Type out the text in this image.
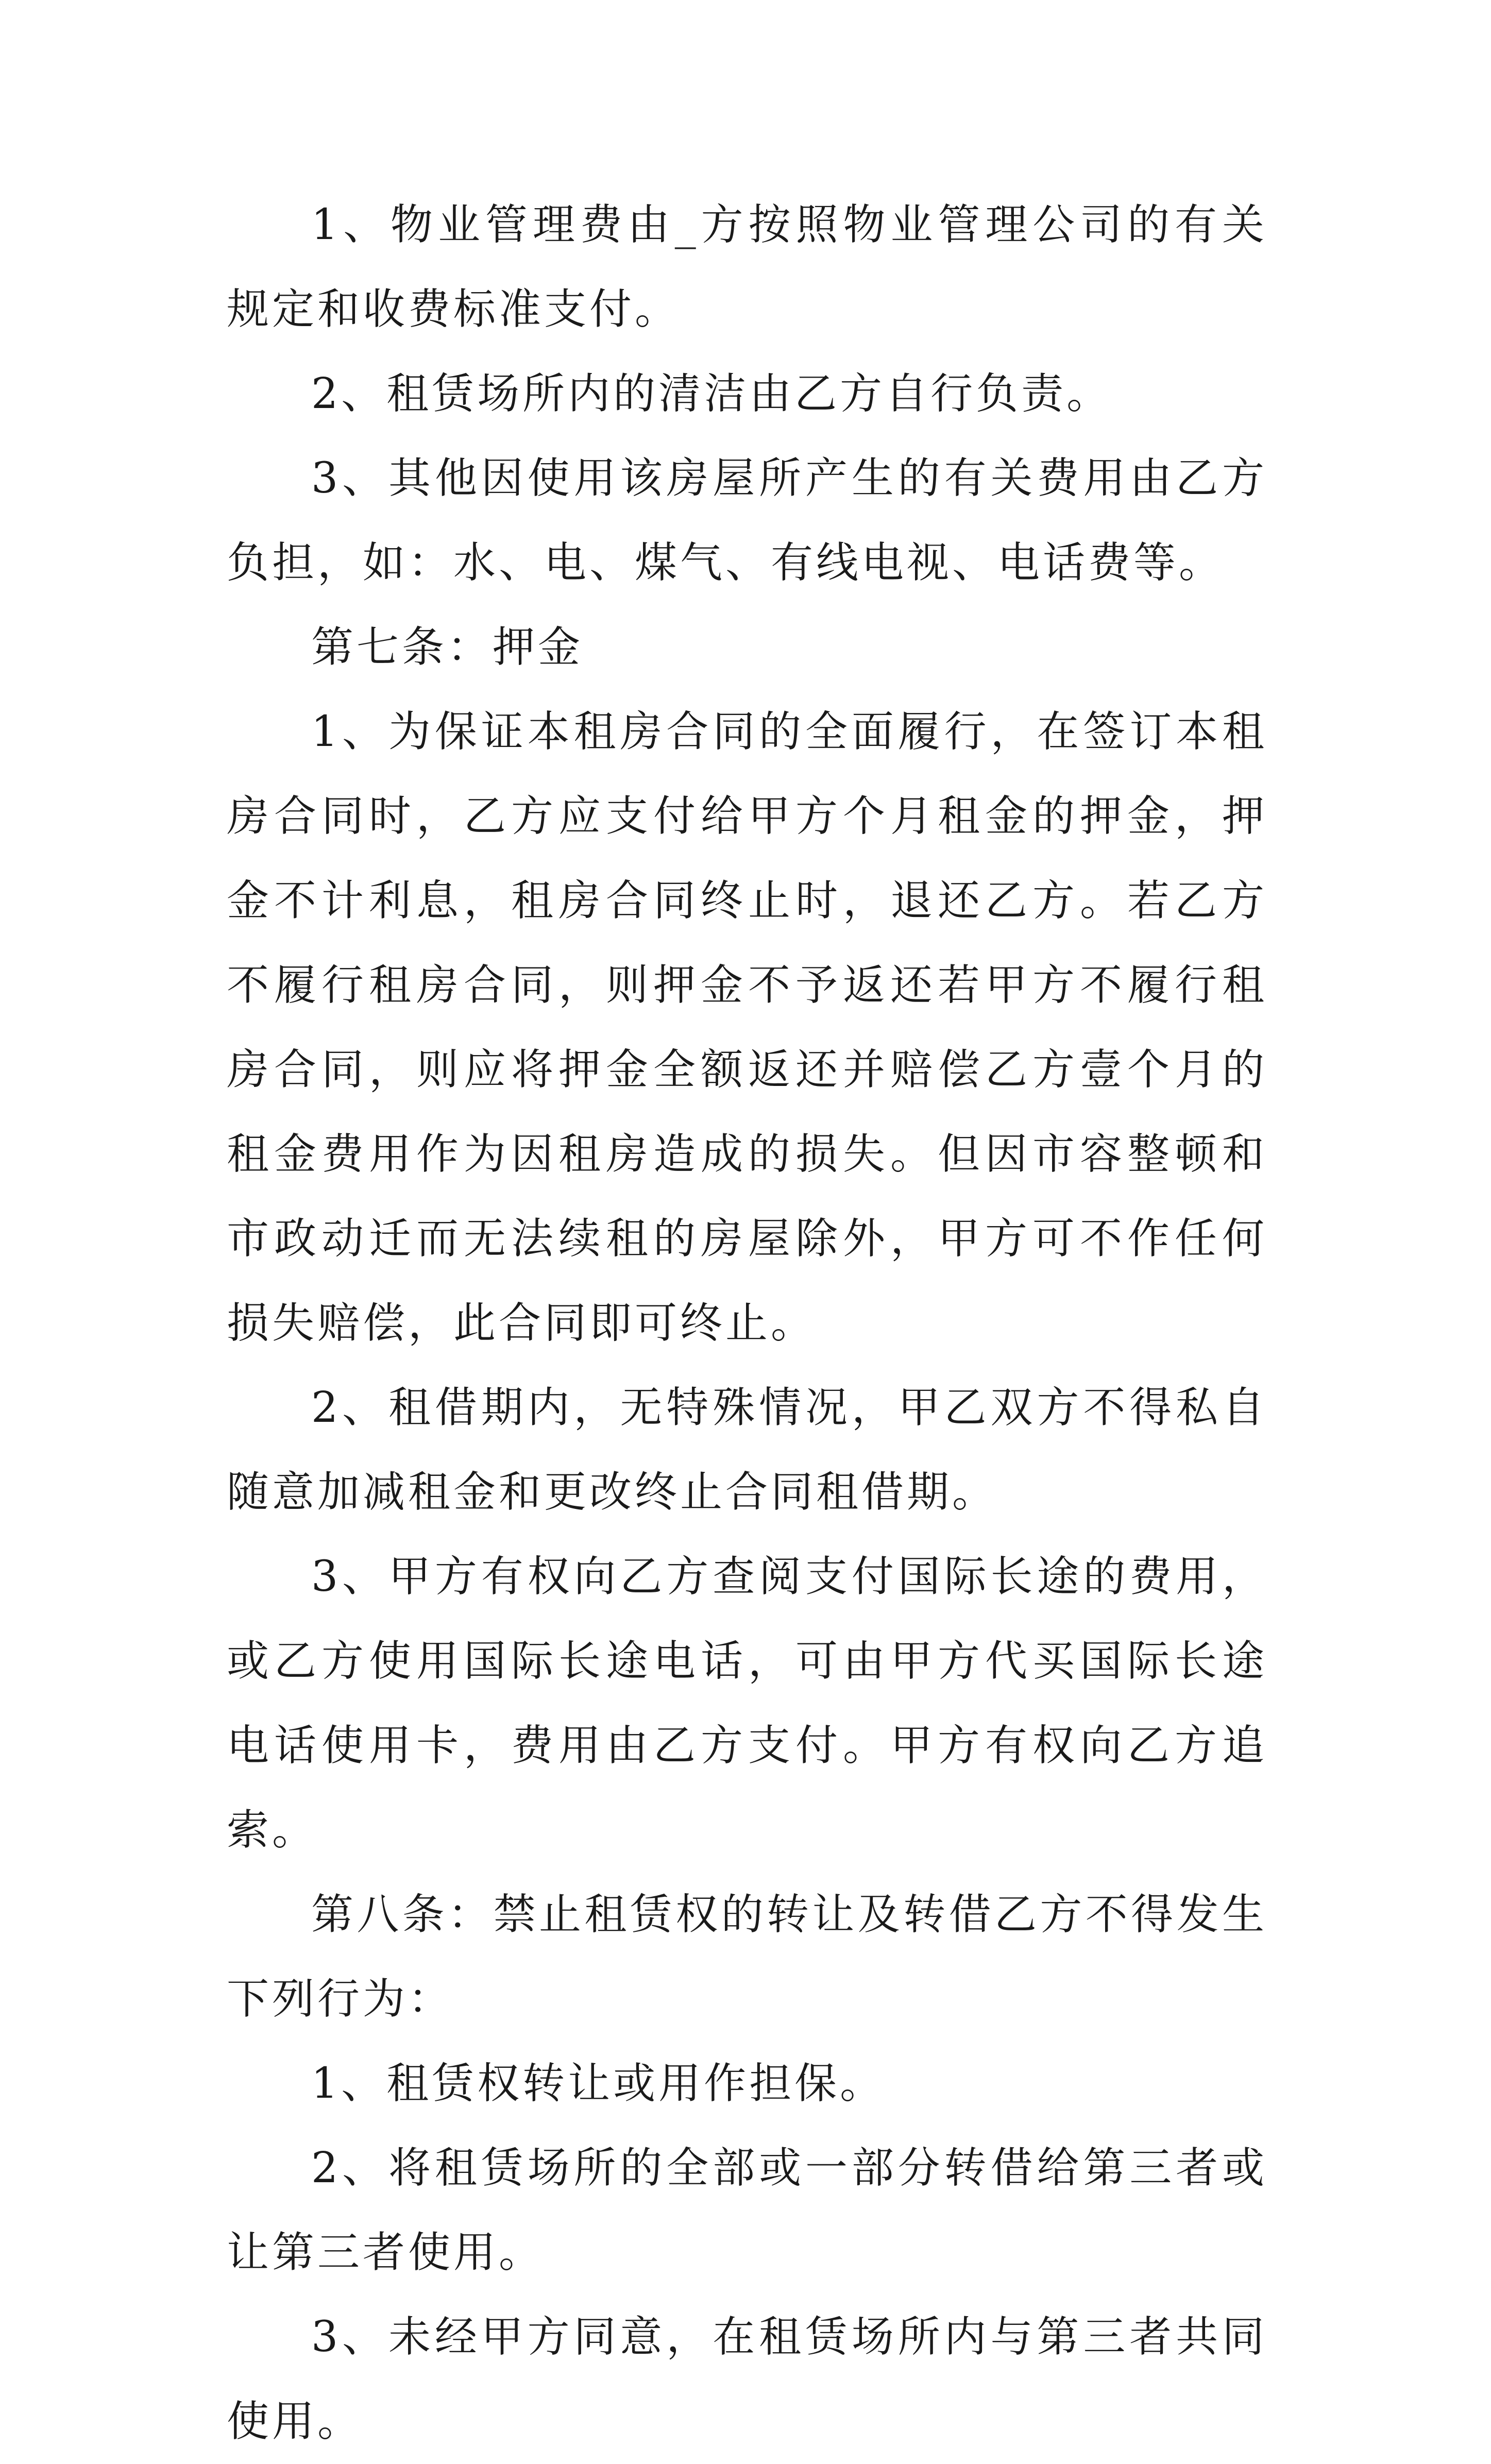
1、物业管理费由_方按照物业管理公司的有关规定和收费标准支付。

2、租赁场所内的清洁由乙方自行负责。

3、其他因使用该房屋所产生的有关费用由乙方负担，如：水、电、煤气、有线电视、电话费等。

第七条：押金

1、为保证本租房合同的全面履行，在签订本租房合同时，乙方应支付给甲方个月租金的押金，押金不计利息，租房合同终止时，退还乙方。若乙方不履行租房合同，则押金不予返还若甲方不履行租房合同，则应将押金全额返还并赔偿乙方壹个月的租金费用作为因租房造成的损失。但因市容整顿和市政动迁而无法续租的房屋除外，甲方可不作任何损失赔偿，此合同即可终止。

2、租借期内，无特殊情况，甲乙双方不得私自随意加减租金和更改终止合同租借期。

3、甲方有权向乙方查阅支付国际长途的费用，或乙方使用国际长途电话，可由甲方代买国际长途电话使用卡，费用由乙方支付。甲方有权向乙方追索。

第八条：禁止租赁权的转让及转借乙方不得发生下列行为：

1、租赁权转让或用作担保。

2、将租赁场所的全部或一部分转借给第三者或让第三者使用。

3、未经甲方同意，在租赁场所内与第三者共同使用。
